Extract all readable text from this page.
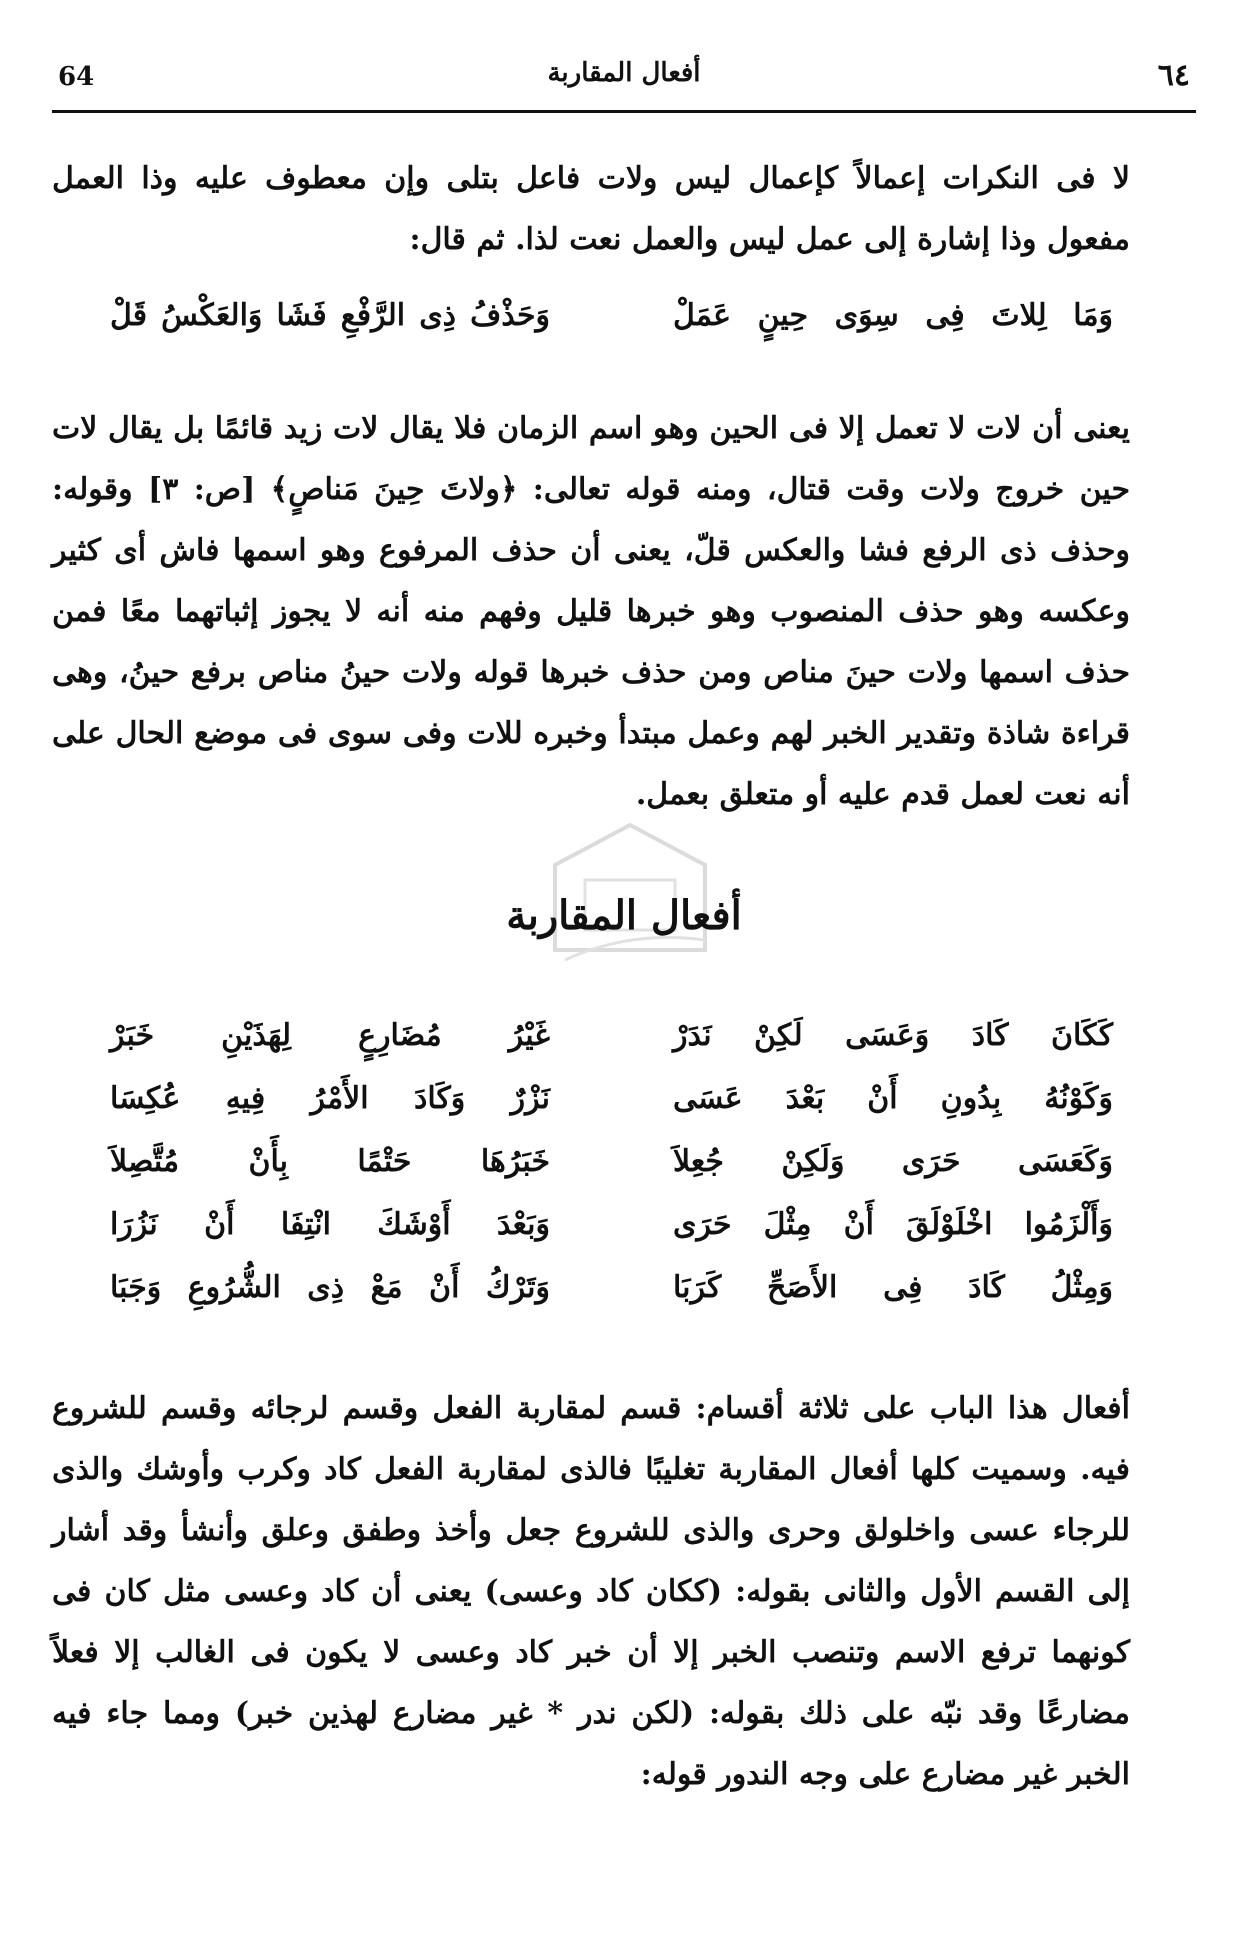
64	أفعال المقاربة	٦٤
لا فى النكرات إعمالاً كإعمال ليس ولات فاعل بتلى وإن معطوف عليه وذا العمل مفعول وذا إشارة إلى عمل ليس والعمل نعت لذا. ثم قال:
وَمَا لِلاتَ فِى سِوَى حِينٍ عَمَلْ
وَحَذْفُ ذِى الرَّفْعِ فَشَا وَالعَكْسُ قَلْ
يعنى أن لات لا تعمل إلا فى الحين وهو اسم الزمان فلا يقال لات زيد قائمًا بل يقال لات حين خروج ولات وقت قتال، ومنه قوله تعالى: ﴿ولاتَ حِينَ مَناصٍ﴾ [ص: ٣] وقوله: وحذف ذى الرفع فشا والعكس قلّ، يعنى أن حذف المرفوع وهو اسمها فاش أى كثير وعكسه وهو حذف المنصوب وهو خبرها قليل وفهم منه أنه لا يجوز إثباتهما معًا فمن حذف اسمها ولات حينَ مناص ومن حذف خبرها قوله ولات حينُ مناص برفع حينُ، وهى قراءة شاذة وتقدير الخبر لهم وعمل مبتدأ وخبره للات وفى سوى فى موضع الحال على أنه نعت لعمل قدم عليه أو متعلق بعمل.
أفعال المقاربة
كَكَانَ كَادَ وَعَسَى لَكِنْ نَدَرْ
غَيْرُ مُضَارِعٍ لِهَذَيْنِ خَبَرْ
وَكَوْنُهُ بِدُونِ أَنْ بَعْدَ عَسَى
نَزْرٌ وَكَادَ الأَمْرُ فِيهِ عُكِسَا
وَكَعَسَى حَرَى وَلَكِنْ جُعِلاَ
خَبَرُهَا حَتْمًا بِأَنْ مُتَّصِلاَ
وَأَلْزَمُوا اخْلَوْلَقَ أَنْ مِثْلَ حَرَى
وَبَعْدَ أَوْشَكَ انْتِفَا أَنْ نَزُرَا
وَمِثْلُ كَادَ فِى الأَصَحِّ كَرَبَا
وَتَرْكُ أَنْ مَعْ ذِى الشُّرُوعِ وَجَبَا
أفعال هذا الباب على ثلاثة أقسام: قسم لمقاربة الفعل وقسم لرجائه وقسم للشروع فيه. وسميت كلها أفعال المقاربة تغليبًا فالذى لمقاربة الفعل كاد وكرب وأوشك والذى للرجاء عسى واخلولق وحرى والذى للشروع جعل وأخذ وطفق وعلق وأنشأ وقد أشار إلى القسم الأول والثانى بقوله: (ككان كاد وعسى) يعنى أن كاد وعسى مثل كان فى كونهما ترفع الاسم وتنصب الخبر إلا أن خبر كاد وعسى لا يكون فى الغالب إلا فعلاً مضارعًا وقد نبّه على ذلك بقوله: (لكن ندر * غير مضارع لهذين خبر) ومما جاء فيه الخبر غير مضارع على وجه الندور قوله:
